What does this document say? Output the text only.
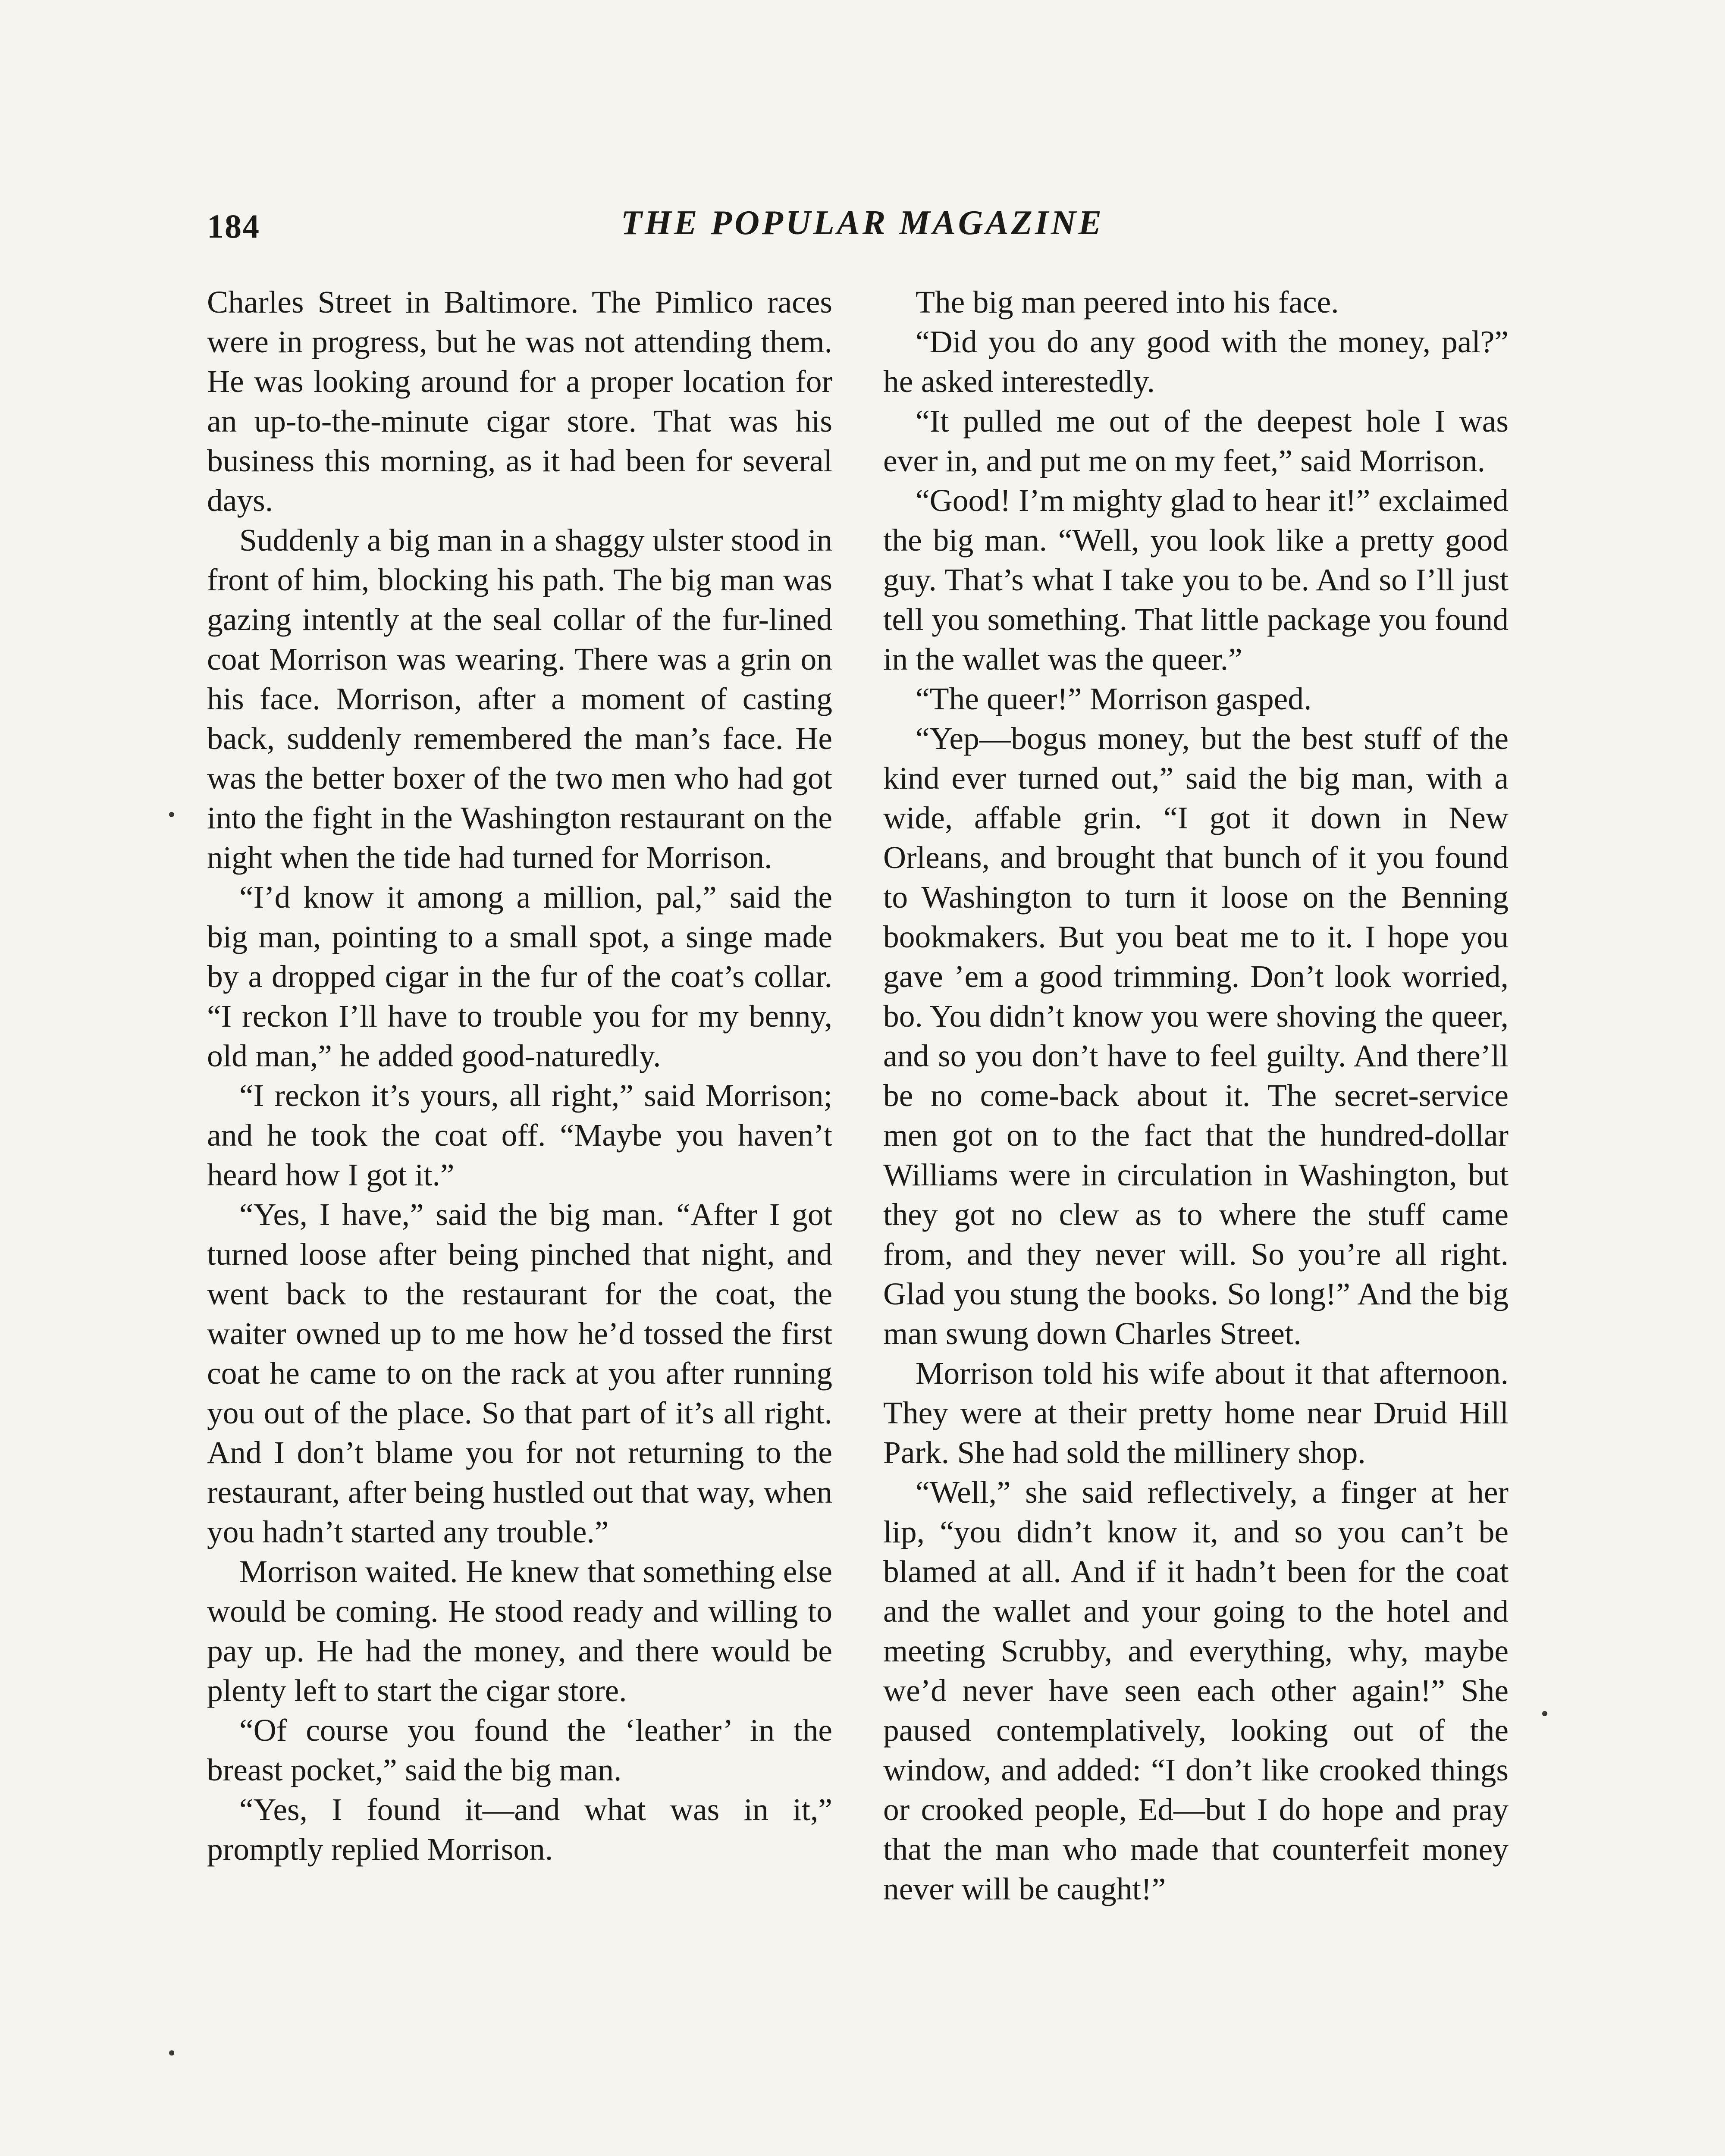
184	THE POPULAR MAGAZINE

Charles Street in Baltimore. The Pimlico races were in progress, but he was not attending them. He was looking around for a proper location for an up-to-the-minute cigar store. That was his business this morning, as it had been for several days.

Suddenly a big man in a shaggy ulster stood in front of him, blocking his path. The big man was gazing intently at the seal collar of the fur-lined coat Morrison was wearing. There was a grin on his face. Morrison, after a moment of casting back, suddenly remembered the man’s face. He was the better boxer of the two men who had got into the fight in the Washington restaurant on the night when the tide had turned for Morrison.

“I’d know it among a million, pal,” said the big man, pointing to a small spot, a singe made by a dropped cigar in the fur of the coat’s collar. “I reckon I’ll have to trouble you for my benny, old man,” he added good-naturedly.

“I reckon it’s yours, all right,” said Morrison; and he took the coat off. “Maybe you haven’t heard how I got it.”

“Yes, I have,” said the big man. “After I got turned loose after being pinched that night, and went back to the restaurant for the coat, the waiter owned up to me how he’d tossed the first coat he came to on the rack at you after running you out of the place. So that part of it’s all right. And I don’t blame you for not returning to the restaurant, after being hustled out that way, when you hadn’t started any trouble.”

Morrison waited. He knew that something else would be coming. He stood ready and willing to pay up. He had the money, and there would be plenty left to start the cigar store.

“Of course you found the ‘leather’ in the breast pocket,” said the big man.

“Yes, I found it—and what was in it,” promptly replied Morrison.

The big man peered into his face.

“Did you do any good with the money, pal?” he asked interestedly.

“It pulled me out of the deepest hole I was ever in, and put me on my feet,” said Morrison.

“Good! I’m mighty glad to hear it!” exclaimed the big man. “Well, you look like a pretty good guy. That’s what I take you to be. And so I’ll just tell you something. That little package you found in the wallet was the queer.”

“The queer!” Morrison gasped.

“Yep—bogus money, but the best stuff of the kind ever turned out,” said the big man, with a wide, affable grin. “I got it down in New Orleans, and brought that bunch of it you found to Washington to turn it loose on the Benning bookmakers. But you beat me to it. I hope you gave ’em a good trimming. Don’t look worried, bo. You didn’t know you were shoving the queer, and so you don’t have to feel guilty. And there’ll be no come-back about it. The secret-service men got on to the fact that the hundred-dollar Williams were in circulation in Washington, but they got no clew as to where the stuff came from, and they never will. So you’re all right. Glad you stung the books. So long!” And the big man swung down Charles Street.

Morrison told his wife about it that afternoon. They were at their pretty home near Druid Hill Park. She had sold the millinery shop.

“Well,” she said reflectively, a finger at her lip, “you didn’t know it, and so you can’t be blamed at all. And if it hadn’t been for the coat and the wallet and your going to the hotel and meeting Scrubby, and everything, why, maybe we’d never have seen each other again!” She paused contemplatively, looking out of the window, and added: “I don’t like crooked things or crooked people, Ed—but I do hope and pray that the man who made that counterfeit money never will be caught!”
